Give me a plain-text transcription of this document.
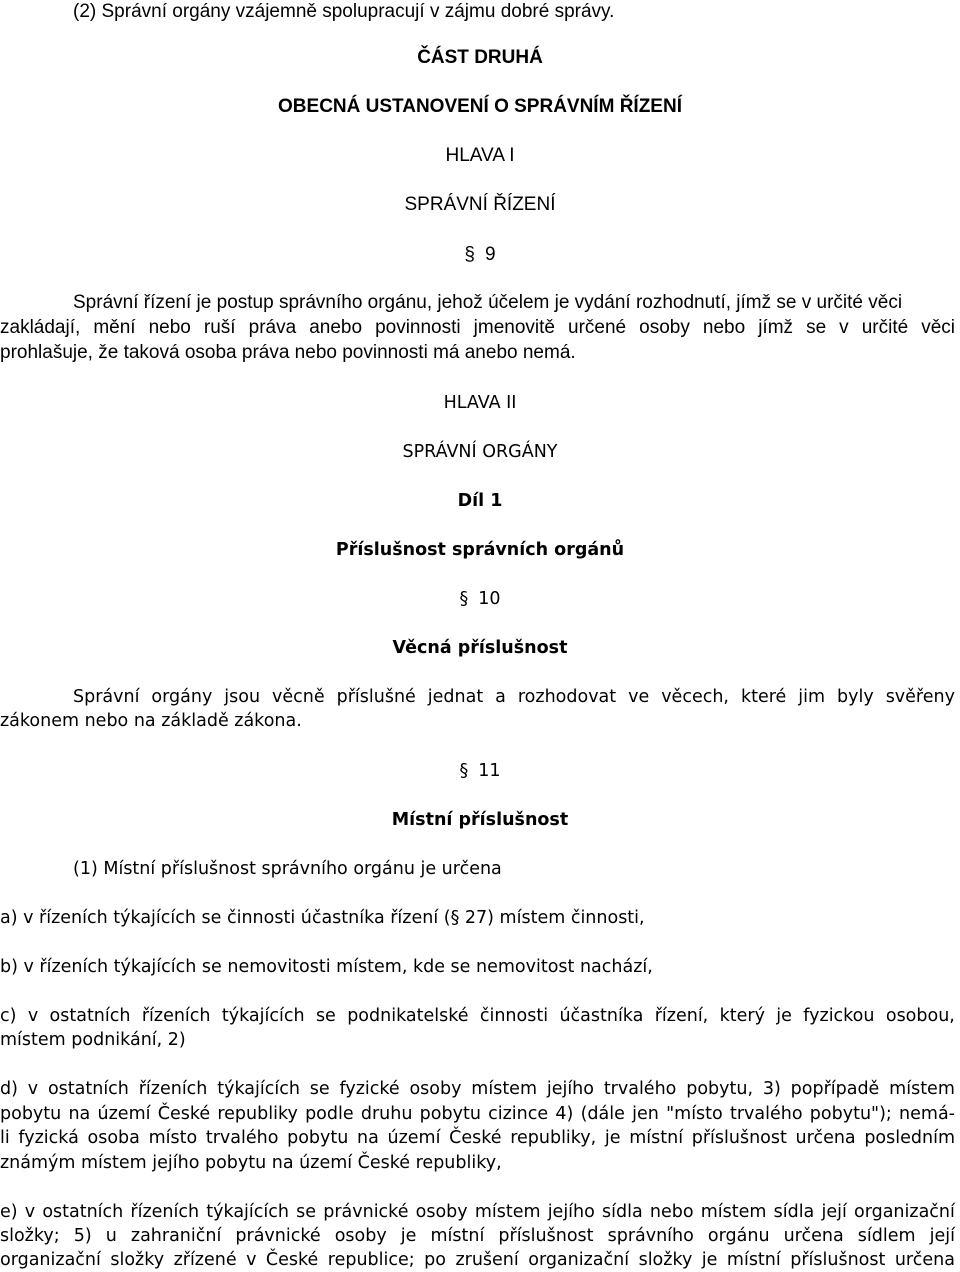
(2) Správní orgány vzájemně spolupracují v zájmu dobré správy.
ČÁST DRUHÁ
OBECNÁ USTANOVENÍ O SPRÁVNÍM ŘÍZENÍ
HLAVA I
SPRÁVNÍ ŘÍZENÍ
§ 9
Správní řízení je postup správního orgánu, jehož účelem je vydání rozhodnutí, jímž se v určité věci
zakládají, mění nebo ruší práva anebo povinnosti jmenovitě určené osoby nebo jímž se v určité věci
prohlašuje, že taková osoba práva nebo povinnosti má anebo nemá.
HLAVA II
SPRÁVNÍ ORGÁNY
Díl 1
Příslušnost správních orgánů
§ 10
Věcná příslušnost
Správní orgány jsou věcně příslušné jednat a rozhodovat ve věcech, které jim byly svěřeny
zákonem nebo na základě zákona.
§ 11
Místní příslušnost
(1) Místní příslušnost správního orgánu je určena
a) v řízeních týkajících se činnosti účastníka řízení (§ 27) místem činnosti,
b) v řízeních týkajících se nemovitosti místem, kde se nemovitost nachází,
c) v ostatních řízeních týkajících se podnikatelské činnosti účastníka řízení, který je fyzickou osobou,
místem podnikání, 2)
d) v ostatních řízeních týkajících se fyzické osoby místem jejího trvalého pobytu, 3) popřípadě místem
pobytu na území České republiky podle druhu pobytu cizince 4) (dále jen "místo trvalého pobytu"); nemá-
li fyzická osoba místo trvalého pobytu na území České republiky, je místní příslušnost určena posledním
známým místem jejího pobytu na území České republiky,
e) v ostatních řízeních týkajících se právnické osoby místem jejího sídla nebo místem sídla její organizační
složky; 5) u zahraniční právnické osoby je místní příslušnost správního orgánu určena sídlem její
organizační složky zřízené v České republice; po zrušení organizační složky je místní příslušnost určena
